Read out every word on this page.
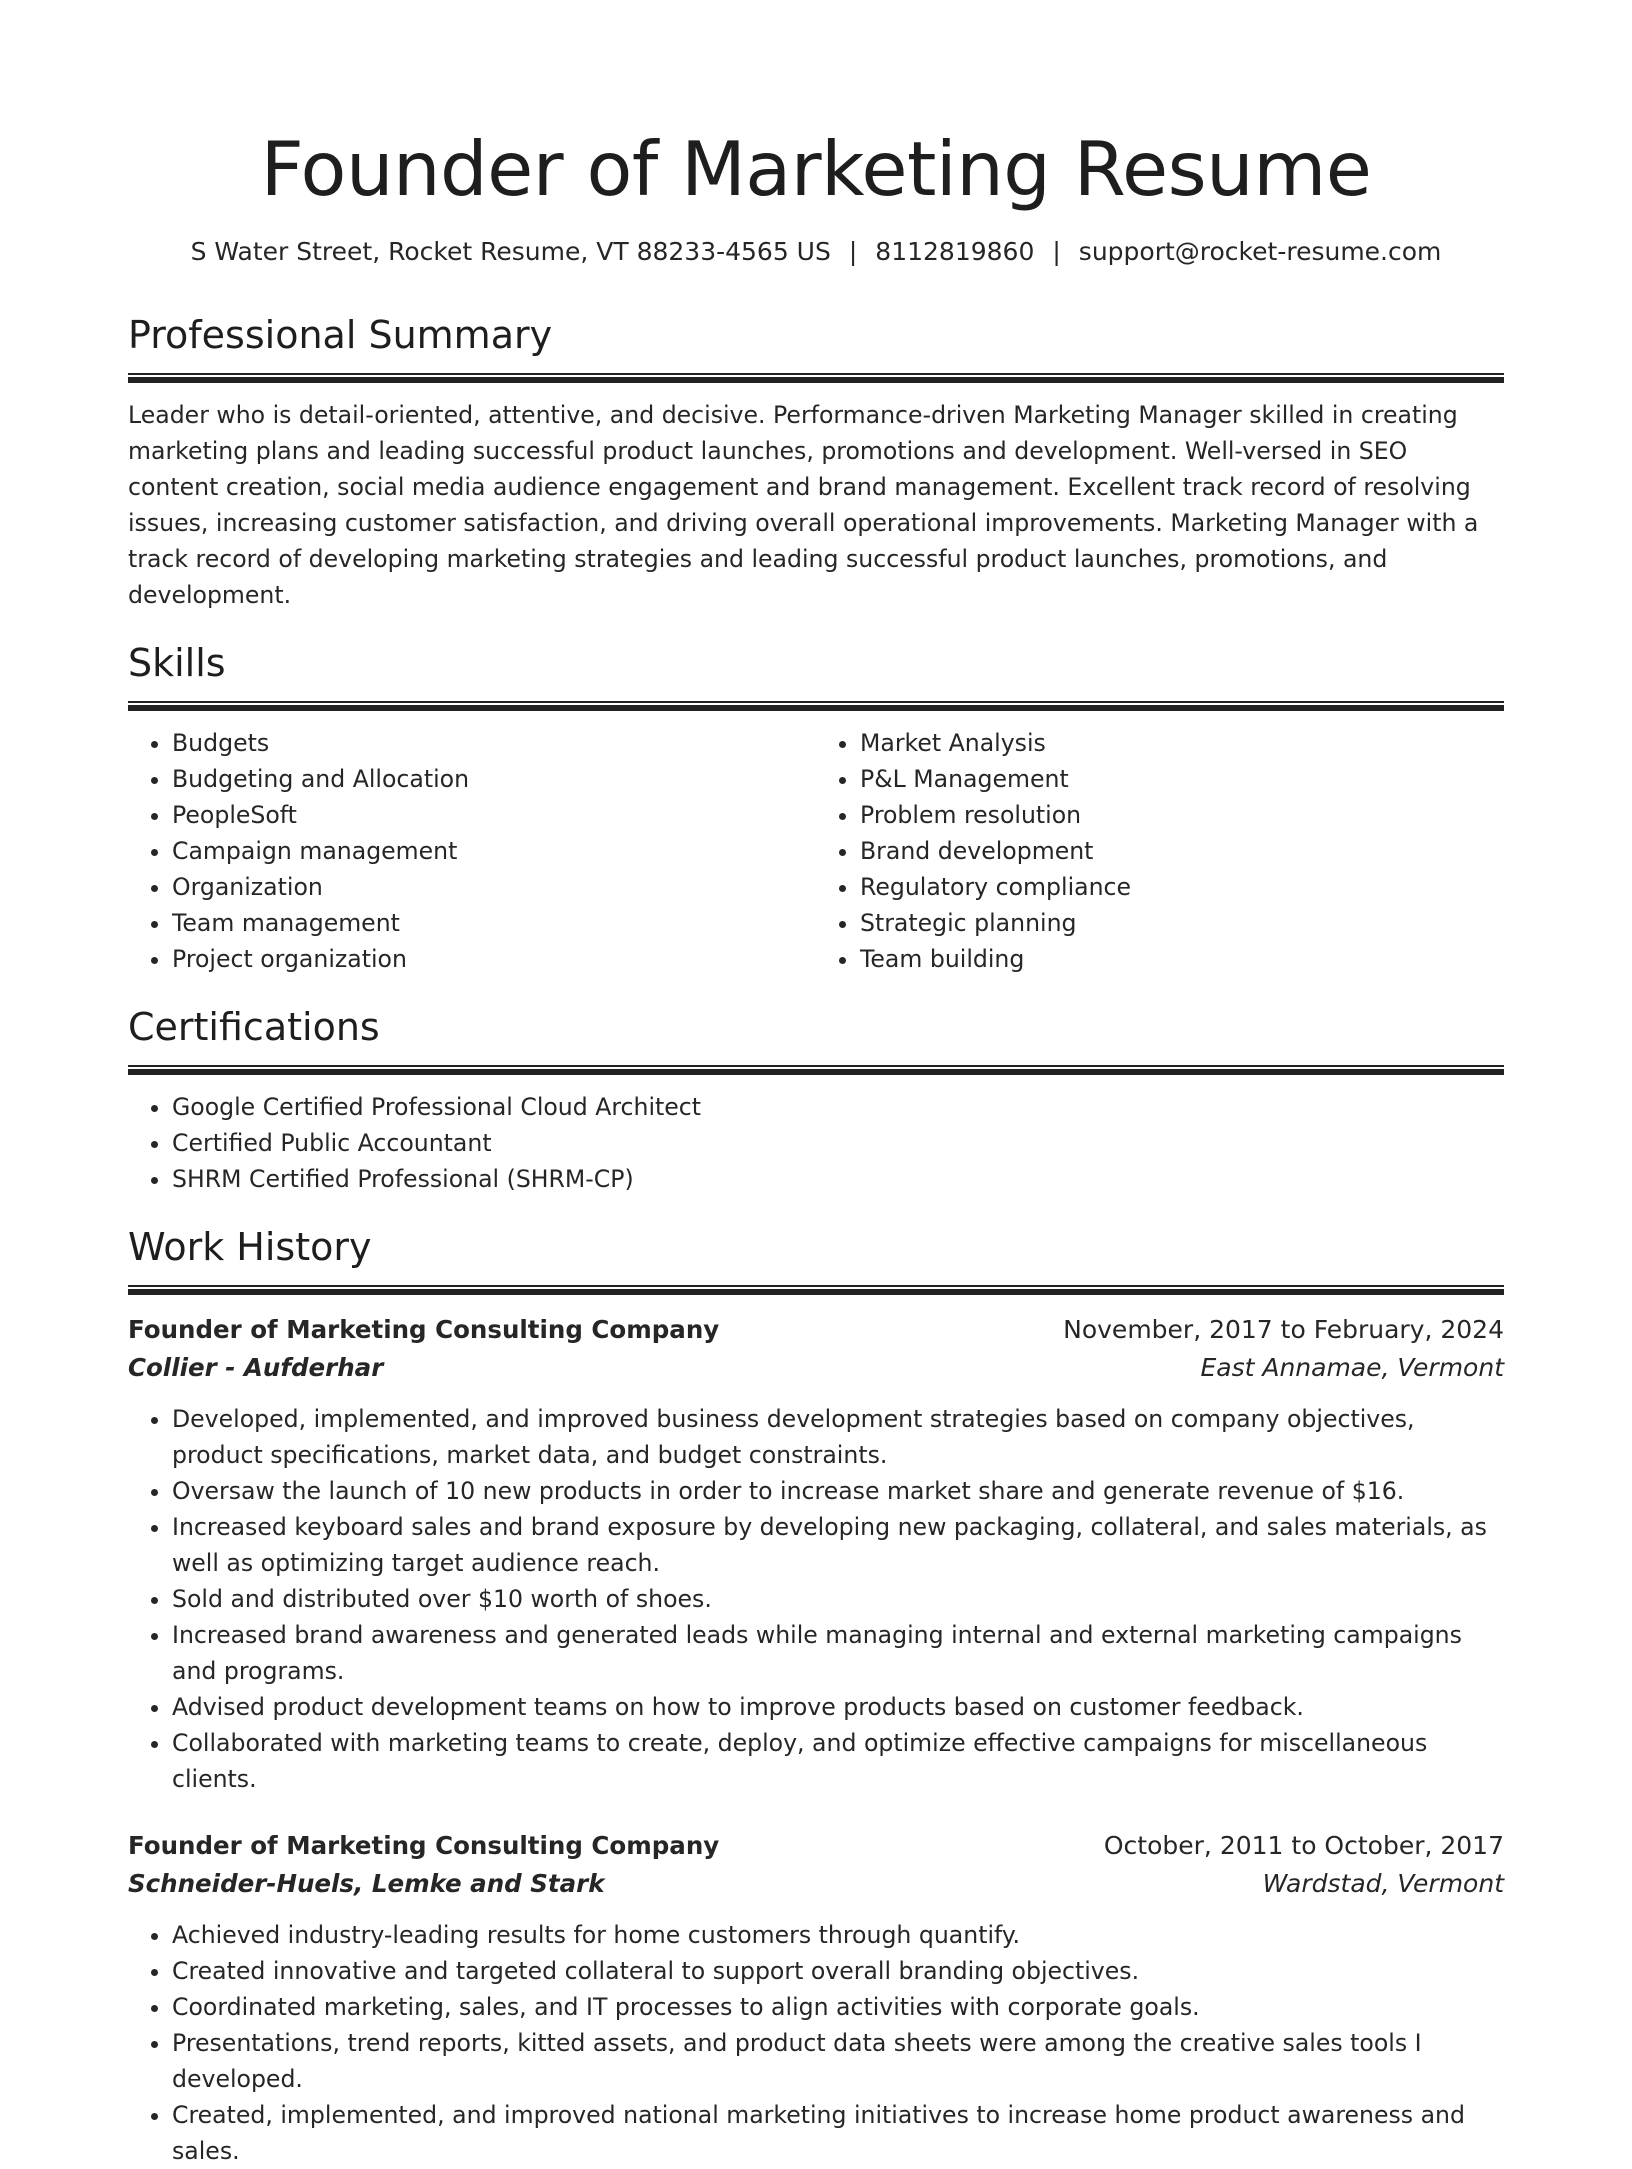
Founder of Marketing Resume
S Water Street, Rocket Resume, VT 88233-4565 US | 8112819860 | support@rocket-resume.com
Professional Summary

Leader who is detail-oriented, attentive, and decisive. Performance-driven Marketing Manager skilled in creating marketing plans and leading successful product launches, promotions and development. Well-versed in SEO content creation, social media audience engagement and brand management. Excellent track record of resolving issues, increasing customer satisfaction, and driving overall operational improvements. Marketing Manager with a track record of developing marketing strategies and leading successful product launches, promotions, and development.

Skills
• Budgets
• Budgeting and Allocation
• PeopleSoft
• Campaign management
• Organization
• Team management
• Project organization
• Market Analysis
• P&L Management
• Problem resolution
• Brand development
• Regulatory compliance
• Strategic planning
• Team building
Certifications
• Google Certified Professional Cloud Architect
• Certified Public Accountant
• SHRM Certified Professional (SHRM-CP)
Work History
Founder of Marketing Consulting Company	November, 2017 to February, 2024
Collier - Aufderhar	East Annamae, Vermont
• Developed, implemented, and improved business development strategies based on company objectives, product specifications, market data, and budget constraints.
• Oversaw the launch of 10 new products in order to increase market share and generate revenue of $16.
• Increased keyboard sales and brand exposure by developing new packaging, collateral, and sales materials, as well as optimizing target audience reach.
• Sold and distributed over $10 worth of shoes.
• Increased brand awareness and generated leads while managing internal and external marketing campaigns and programs.
• Advised product development teams on how to improve products based on customer feedback.
• Collaborated with marketing teams to create, deploy, and optimize effective campaigns for miscellaneous clients.
Founder of Marketing Consulting Company	October, 2011 to October, 2017
Schneider-Huels, Lemke and Stark	Wardstad, Vermont
• Achieved industry-leading results for home customers through quantify.
• Created innovative and targeted collateral to support overall branding objectives.
• Coordinated marketing, sales, and IT processes to align activities with corporate goals.
• Presentations, trend reports, kitted assets, and product data sheets were among the creative sales tools I developed.
• Created, implemented, and improved national marketing initiatives to increase home product awareness and sales.
